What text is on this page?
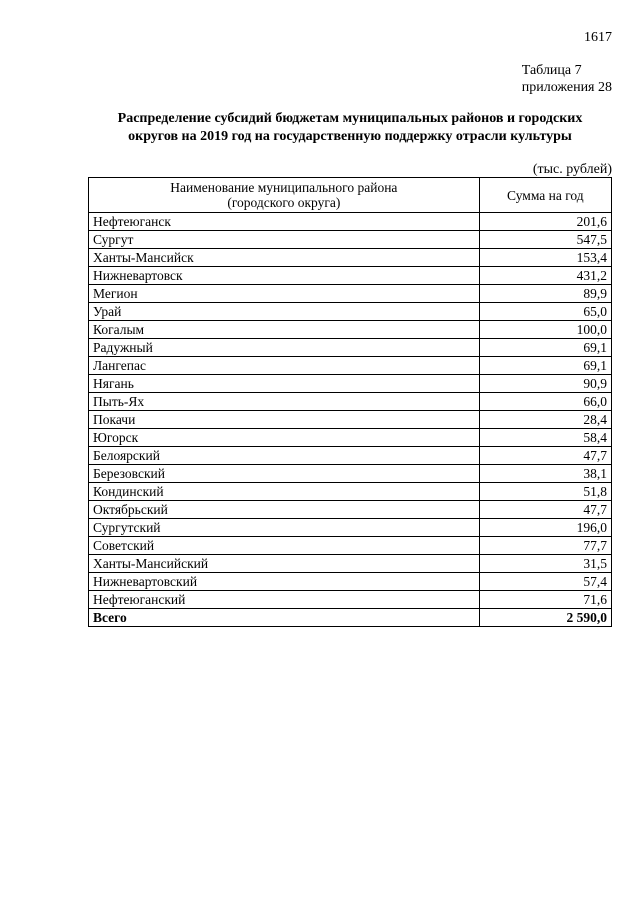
1617
Таблица 7
приложения 28
Распределение субсидий бюджетам муниципальных районов и городских
округов на 2019 год на государственную поддержку отрасли культуры
(тыс. рублей)
Наименование муниципального района
(городского округа)	Сумма на год
Нефтеюганск	201,6
Сургут	547,5
Ханты-Мансийск	153,4
Нижневартовск	431,2
Мегион	89,9
Урай	65,0
Когалым	100,0
Радужный	69,1
Лангепас	69,1
Нягань	90,9
Пыть-Ях	66,0
Покачи	28,4
Югорск	58,4
Белоярский	47,7
Березовский	38,1
Кондинский	51,8
Октябрьский	47,7
Сургутский	196,0
Советский	77,7
Ханты-Мансийский	31,5
Нижневартовский	57,4
Нефтеюганский	71,6
Всего	2 590,0
